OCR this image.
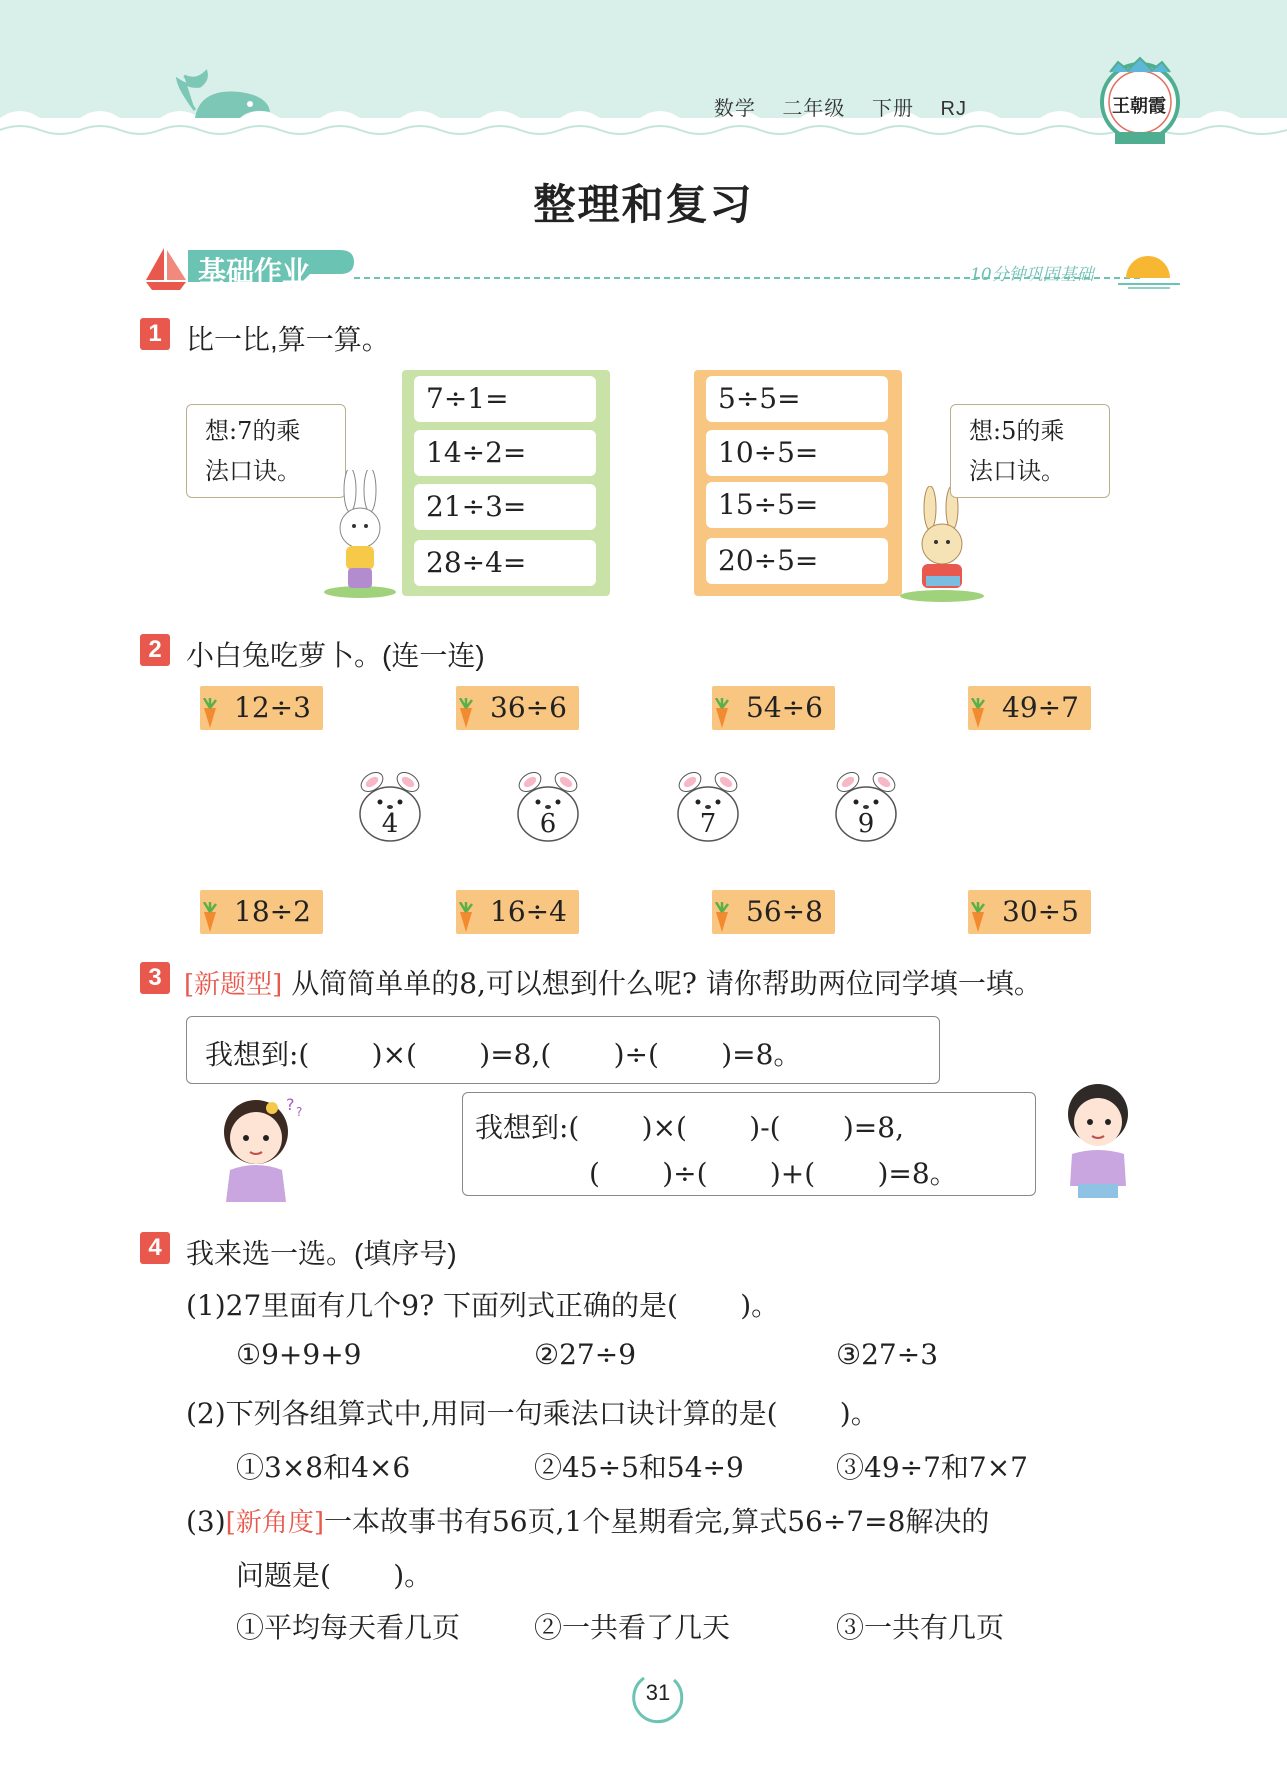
数学 二年级 下册 RJ	王朝霞
整理和复习
基础作业	10分钟巩固基础
1 比一比,算一算。
想:7的乘
法口诀。
7÷1=
14÷2=
21÷3=
28÷4=
5÷5=
10÷5=
15÷5=
20÷5=
想:5的乘
法口诀。
2 小白兔吃萝卜。(连一连)
12÷3	36÷6	54÷6	49÷7
4	6	7	9
18÷2	16÷4	56÷8	30÷5
3 [新题型] 从简简单单的8,可以想到什么呢? 请你帮助两位同学填一填。
我想到:(       )×(       )=8,(       )÷(       )=8。
? ?	我想到:(       )×(       )-(       )=8,
(       )÷(       )+(       )=8。
4 我来选一选。(填序号)
(1)27里面有几个9? 下面列式正确的是(       )。
①9+9+9	②27÷9	③27÷3
(2)下列各组算式中,用同一句乘法口诀计算的是(       )。
①3×8和4×6	②45÷5和54÷9	③49÷7和7×7
(3)[新角度]一本故事书有56页,1个星期看完,算式56÷7=8解决的
问题是(       )。
①平均每天看几页	②一共看了几天	③一共有几页
31
